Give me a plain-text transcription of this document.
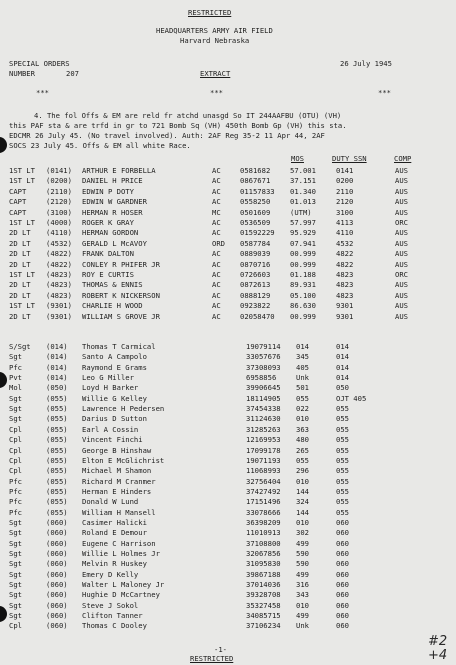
RESTRICTED
HEADQUARTERS ARMY AIR FIELD
Harvard Nebraska
SPECIAL ORDERS
NUMBER	207
26 July 1945
EXTRACT
***	***	***
4. The fol Offs & EM are reld fr atchd unasgd So IT 244AAFBU (OTU) (VH)
this PAF sta & are trfd in gr to 721 Bomb Sq (VH) 450th Bomb Gp (VH) this sta.
EDCMR 26 July 45. (No travel involved). Auth: 2AF Reg 35-2 11 Apr 44, 2AF
SOCS 23 July 45. Offs & EM all white Race.
MOS	DUTY SSN	COMP
1ST LT (0141) ARTHUR E FORBELLA	AC	0581682	57.001	0141	AUS
1ST LT (0200) DANIEL H PRICE	AC	0867671	37.151	0200	AUS
CAPT	(2110) EDWIN P DOTY	AC	01157833 01.340	2110	AUS
CAPT	(2120) EDWIN W GARDNER	AC	0558250	01.013	2120	AUS
CAPT	(3100) HERMAN R HOSER	MC	0501609	(UTM)	3100	AUS
1ST LT (4000) ROGER K GRAY	AC	0536509	57.997	4113	ORC
2D LT (4110) HERMAN GORDON	AC	01592229 95.929	4110	AUS
2D LT (4532) GERALD L McAVOY	ORD 0587784	07.941	4532	AUS
2D LT (4822) FRANK DALTON	AC	0889039	00.999	4822	AUS
2D LT (4822) CONLEY R PHIFER JR	AC	0870716	00.999	4822	AUS
1ST LT (4823) ROY E CURTIS	AC	0726603	01.188	4823	ORC
2D LT (4823) THOMAS & ENNIS	AC	0872613	89.931	4823	AUS
2D LT (4823) ROBERT K NICKERSON	AC	0888129	05.100	4823	AUS
1ST LT (9301) CHARLIE H WOOD	AC	0923822	86.630	9301	AUS
2D LT (9301) WILLIAM S GROVE JR	AC	02058470 00.999	9301	AUS
S/Sgt (014) Thomas T Carmical	19079114 014	014
Sgt	(014) Santo A Campolo	33057676 345	014
Pfc	(014) Raymond E Grams	37308093 405	014
Pvt	(014) Leo G Miller	6958856	Unk	014
Mol	(050) Loyd H Barker	39906645 501	050
Sgt	(055) Willie G Kelley	18114905 055	OJT 405
Sgt	(055) Lawrence H Pedersen	37454338 022	055
Sgt	(055) Darius D Sutton	31124630 010	055
Cpl	(055) Earl A Cossin	31285263 363	055
Cpl	(055) Vincent Finchi	12169953 480	055
Cpl	(055) George B Hinshaw	17099178 265	055
Cpl	(055) Elton E McGlichrist	19071193 055	055
Cpl	(055) Michael M Shamon	11068993 296	055
Pfc	(055) Richard M Cranmer	32756404 010	055
Pfc	(055) Herman E Hinders	37427492 144	055
Pfc	(055) Donald W Lund	17151496 324	055
Pfc	(055) William H Mansell	33078666 144	055
Sgt	(060) Casimer Halicki	36398209 010	060
Sgt	(060) Roland E Demour	11010913 302	060
Sgt	(060) Eugene C Harrison	37108800 499	060
Sgt	(060) Willie L Holmes Jr	32067856 590	060
Sgt	(060) Melvin R Huskey	31095830 590	060
Sgt	(060) Emery D Kelly	39867188 499	060
Sgt	(060) Walter L Maloney Jr	37014036 316	060
Sgt	(060) Hughie D McCartney	39328708 343	060
Sgt	(060) Steve J Sokol	35327458 010	060
Sgt	(060) Clifton Tanner	34085715 499	060
Cpl	(060) Thomas C Dooley	37106234 Unk	060
-1-
RESTRICTED
#2
+4
